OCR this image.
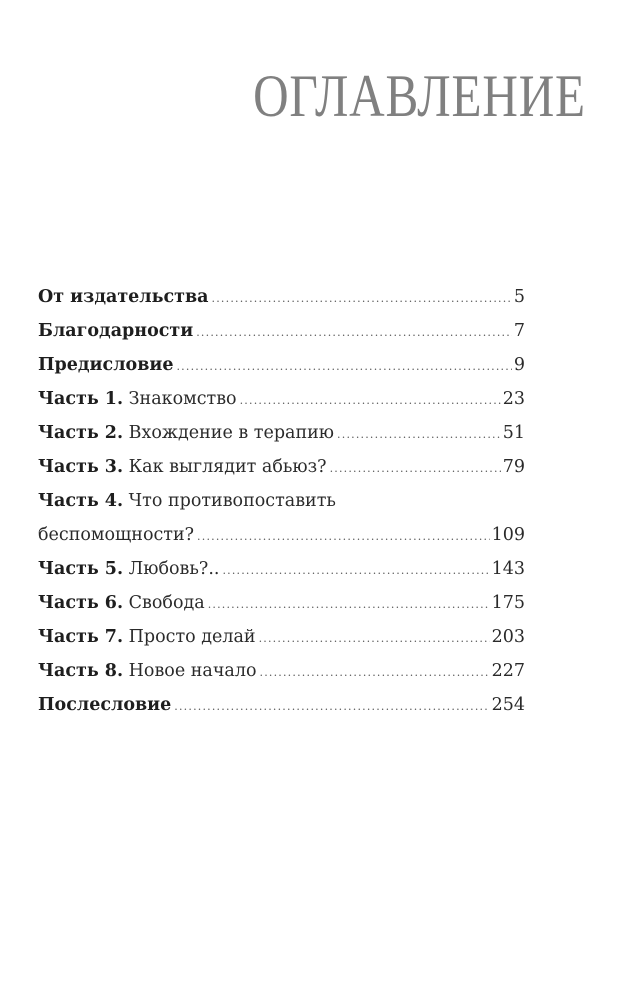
ОГЛАВЛЕНИЕ
От издательства .....	5
Благодарности .....	7
Предисловие .....	9
Часть 1. Знакомство .....	23
Часть 2. Вхождение в терапию .....	51
Часть 3. Как выглядит абьюз? .....	79
Часть 4.
Что противопоставить
беспомощности? .....	109
Часть 5. Любовь?.. .....	143
Часть 6. Свобода .....	175
Часть 7. Просто делай .....	203
Часть 8. Новое начало .....	227
Послесловие .....	254
